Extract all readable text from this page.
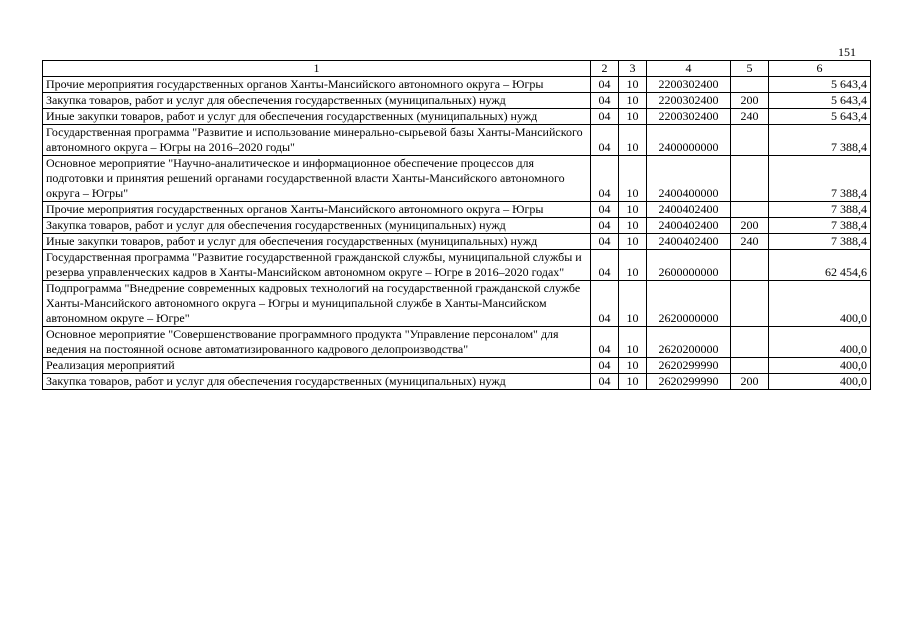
151
1	2	3	4	5	6
Прочие мероприятия государственных органов Ханты-Мансийского автономного округа – Югры	04	10	2200302400		5 643,4
Закупка товаров, работ и услуг для обеспечения государственных (муниципальных) нужд	04	10	2200302400	200	5 643,4
Иные закупки товаров, работ и услуг для обеспечения государственных (муниципальных) нужд	04	10	2200302400	240	5 643,4
Государственная программа "Развитие и использование минерально-сырьевой базы Ханты-Мансийского автономного округа – Югры на 2016–2020 годы"	04	10	2400000000		7 388,4
Основное мероприятие "Научно-аналитическое и информационное обеспечение процессов для подготовки и принятия решений органами государственной власти Ханты-Мансийского автономного округа – Югры"	04	10	2400400000		7 388,4
Прочие мероприятия государственных органов Ханты-Мансийского автономного округа – Югры	04	10	2400402400		7 388,4
Закупка товаров, работ и услуг для обеспечения государственных (муниципальных) нужд	04	10	2400402400	200	7 388,4
Иные закупки товаров, работ и услуг для обеспечения государственных (муниципальных) нужд	04	10	2400402400	240	7 388,4
Государственная программа "Развитие государственной гражданской службы, муниципальной службы и резерва управленческих кадров в Ханты-Мансийском автономном округе – Югре в 2016–2020 годах"	04	10	2600000000		62 454,6
Подпрограмма "Внедрение современных кадровых технологий на государственной гражданской службе Ханты-Мансийского автономного округа – Югры и муниципальной службе в Ханты-Мансийском автономном округе – Югре"	04	10	2620000000		400,0
Основное мероприятие "Совершенствование программного продукта "Управление персоналом" для ведения на постоянной основе автоматизированного кадрового делопроизводства"	04	10	2620200000		400,0
Реализация мероприятий	04	10	2620299990		400,0
Закупка товаров, работ и услуг для обеспечения государственных (муниципальных) нужд	04	10	2620299990	200	400,0
